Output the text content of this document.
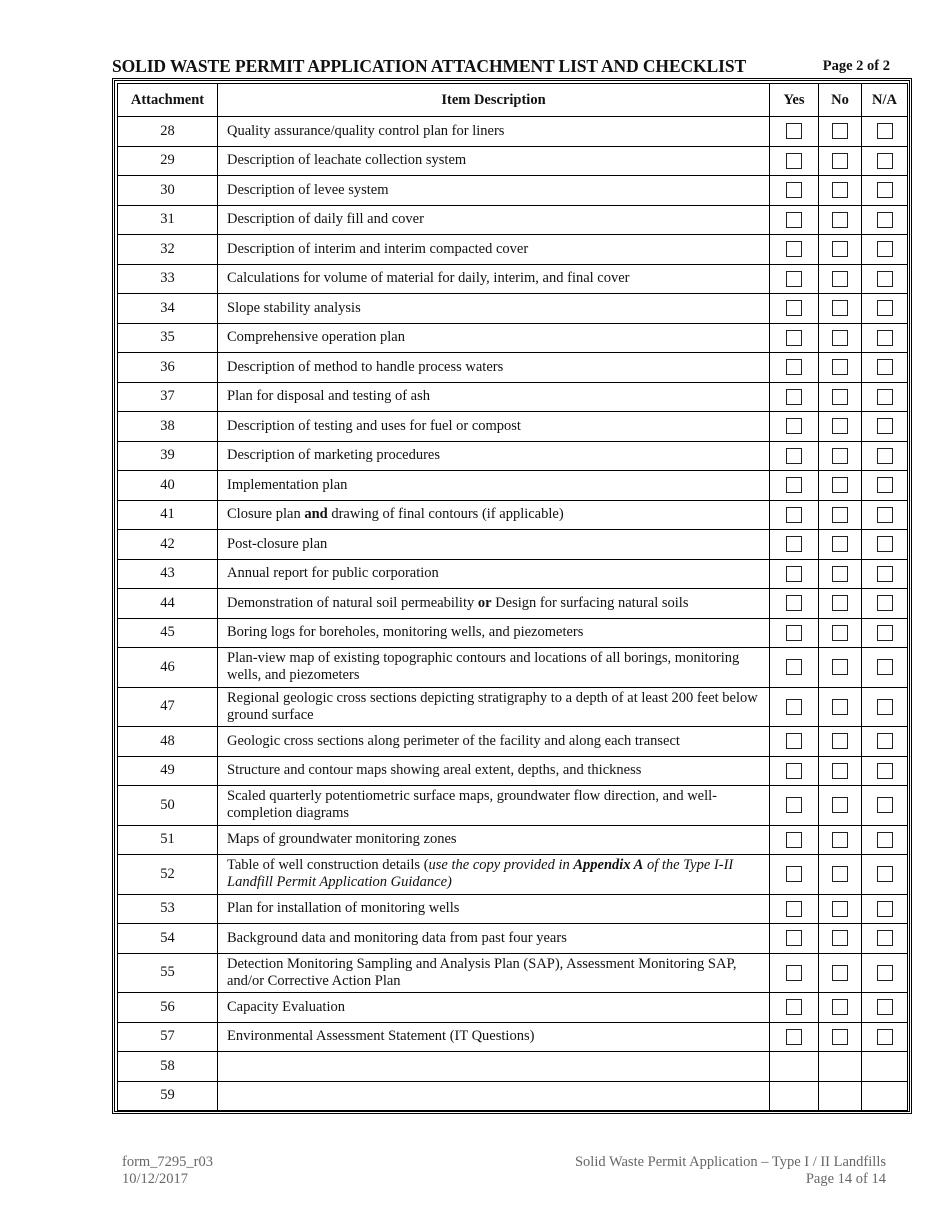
SOLID WASTE PERMIT APPLICATION ATTACHMENT LIST AND CHECKLIST	Page 2 of 2
Attachment	Item Description	Yes	No	N/A
28	Quality assurance/quality control plan for liners			
29	Description of leachate collection system			
30	Description of levee system			
31	Description of daily fill and cover			
32	Description of interim and interim compacted cover			
33	Calculations for volume of material for daily, interim, and final cover			
34	Slope stability analysis			
35	Comprehensive operation plan			
36	Description of method to handle process waters			
37	Plan for disposal and testing of ash			
38	Description of testing and uses for fuel or compost			
39	Description of marketing procedures			
40	Implementation plan			
41	Closure plan and drawing of final contours (if applicable)			
42	Post-closure plan			
43	Annual report for public corporation			
44	Demonstration of natural soil permeability or Design for surfacing natural soils			
45	Boring logs for boreholes, monitoring wells, and piezometers			
46	Plan-view map of existing topographic contours and locations of all borings, monitoring wells, and piezometers			
47	Regional geologic cross sections depicting stratigraphy to a depth of at least 200 feet below ground surface			
48	Geologic cross sections along perimeter of the facility and along each transect			
49	Structure and contour maps showing areal extent, depths, and thickness			
50	Scaled quarterly potentiometric surface maps, groundwater flow direction, and well-completion diagrams			
51	Maps of groundwater monitoring zones			
52	Table of well construction details (use the copy provided in Appendix A of the Type I-II Landfill Permit Application Guidance)			
53	Plan for installation of monitoring wells			
54	Background data and monitoring data from past four years			
55	Detection Monitoring Sampling and Analysis Plan (SAP), Assessment Monitoring SAP, and/or Corrective Action Plan			
56	Capacity Evaluation			
57	Environmental Assessment Statement (IT Questions)			
58				
59				
form_7295_r03
10/12/2017
Solid Waste Permit Application – Type I / II Landfills
Page 14 of 14
